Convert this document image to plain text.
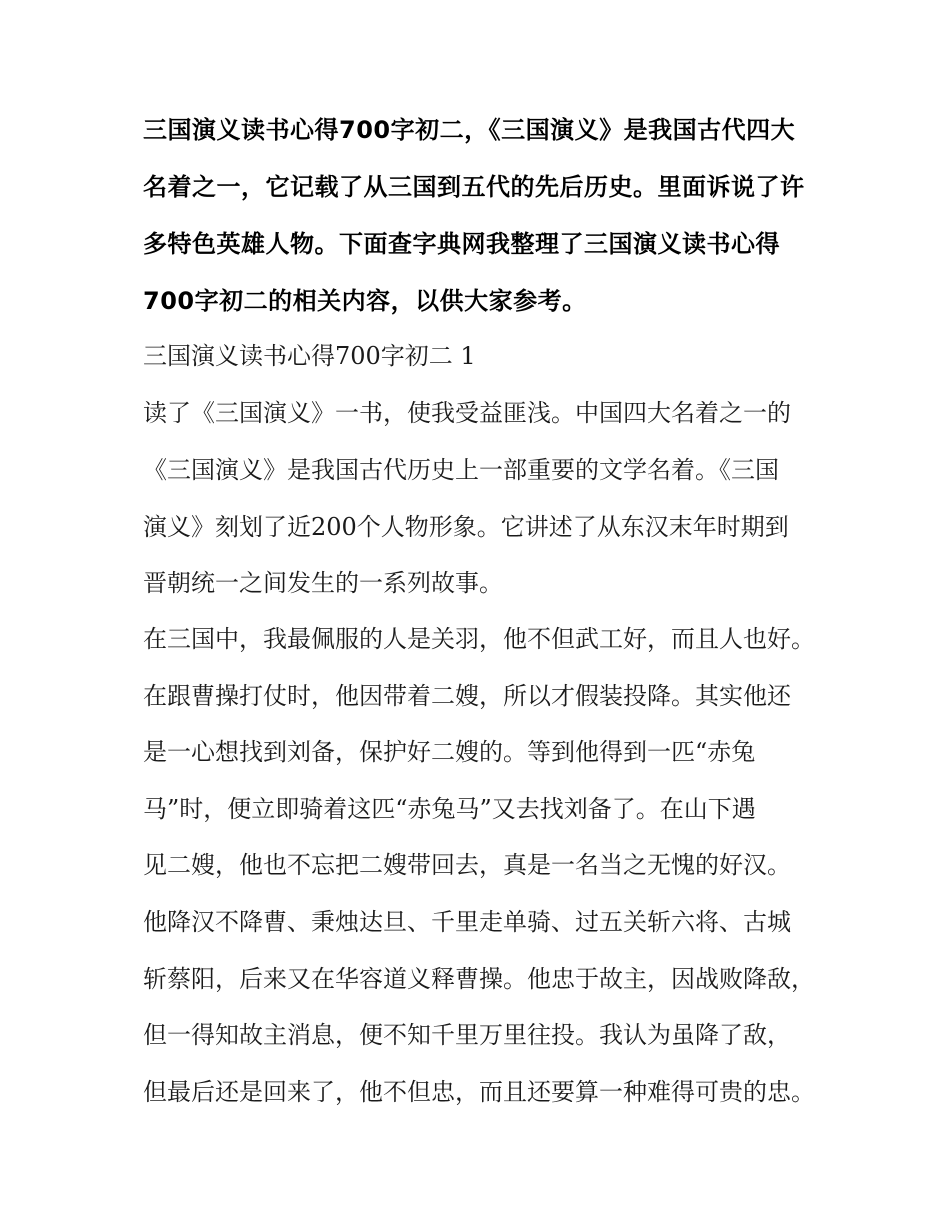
三国演义读书心得700字初二，《三国演义》是我国古代四大
名着之一，它记载了从三国到五代的先后历史。里面诉说了许
多特色英雄人物。下面查字典网我整理了三国演义读书心得
700字初二的相关内容，以供大家参考。
三国演义读书心得700字初二 1
读了《三国演义》一书，使我受益匪浅。中国四大名着之一的
《三国演义》是我国古代历史上一部重要的文学名着。《三国
演义》刻划了近200个人物形象。它讲述了从东汉末年时期到
晋朝统一之间发生的一系列故事。
在三国中，我最佩服的人是关羽，他不但武工好，而且人也好。
在跟曹操打仗时，他因带着二嫂，所以才假装投降。其实他还
是一心想找到刘备，保护好二嫂的。等到他得到一匹“赤兔
马”时，便立即骑着这匹“赤兔马”又去找刘备了。在山下遇
见二嫂，他也不忘把二嫂带回去，真是一名当之无愧的好汉。
他降汉不降曹、秉烛达旦、千里走单骑、过五关斩六将、古城
斩蔡阳，后来又在华容道义释曹操。他忠于故主，因战败降敌，
但一得知故主消息，便不知千里万里往投。我认为虽降了敌，
但最后还是回来了，他不但忠，而且还要算一种难得可贵的忠。
